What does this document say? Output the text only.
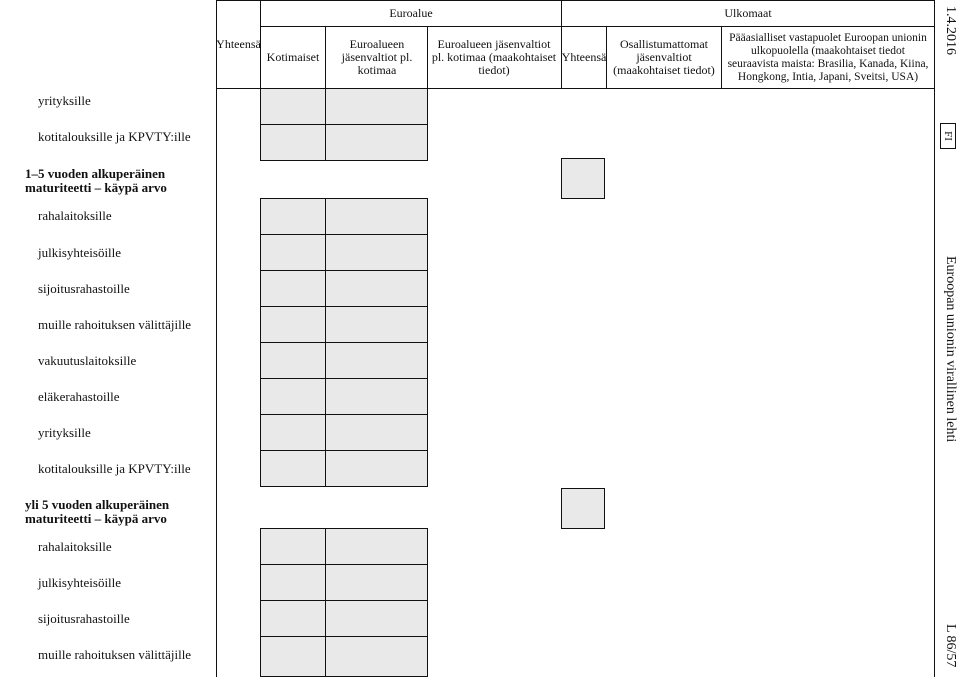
Yhteensä
Kotimaiset
Euroalue
Euroalueen jäsenvaltiot pl. kotimaa
Euroalueen jäsenvaltiot pl. kotimaa (maakohtaiset tiedot)
Ulkomaat
Yhteensä
Osallistumattomat jäsenvaltiot (maakohtaiset tiedot)
Pääasialliset vastapuolet Euroopan unionin ulkopuolella (maakohtaiset tiedot seuraavista maista: Brasilia, Kanada, Kiina, Hongkong, Intia, Japani, Sveitsi, USA)
yrityksille
kotitalouksille ja KPVTY:ille
1–5 vuoden alkuperäinen maturiteetti – käypä arvo
rahalaitoksille
julkisyhteisöille
sijoitusrahastoille
muille rahoituksen välittäjille
vakuutuslaitoksille
eläkerahastoille
yrityksille
kotitalouksille ja KPVTY:ille
yli 5 vuoden alkuperäinen maturiteetti – käypä arvo
rahalaitoksille
julkisyhteisöille
sijoitusrahastoille
muille rahoituksen välittäjille
1.4.2016
FI
Euroopan unionin virallinen lehti
L 86/57
